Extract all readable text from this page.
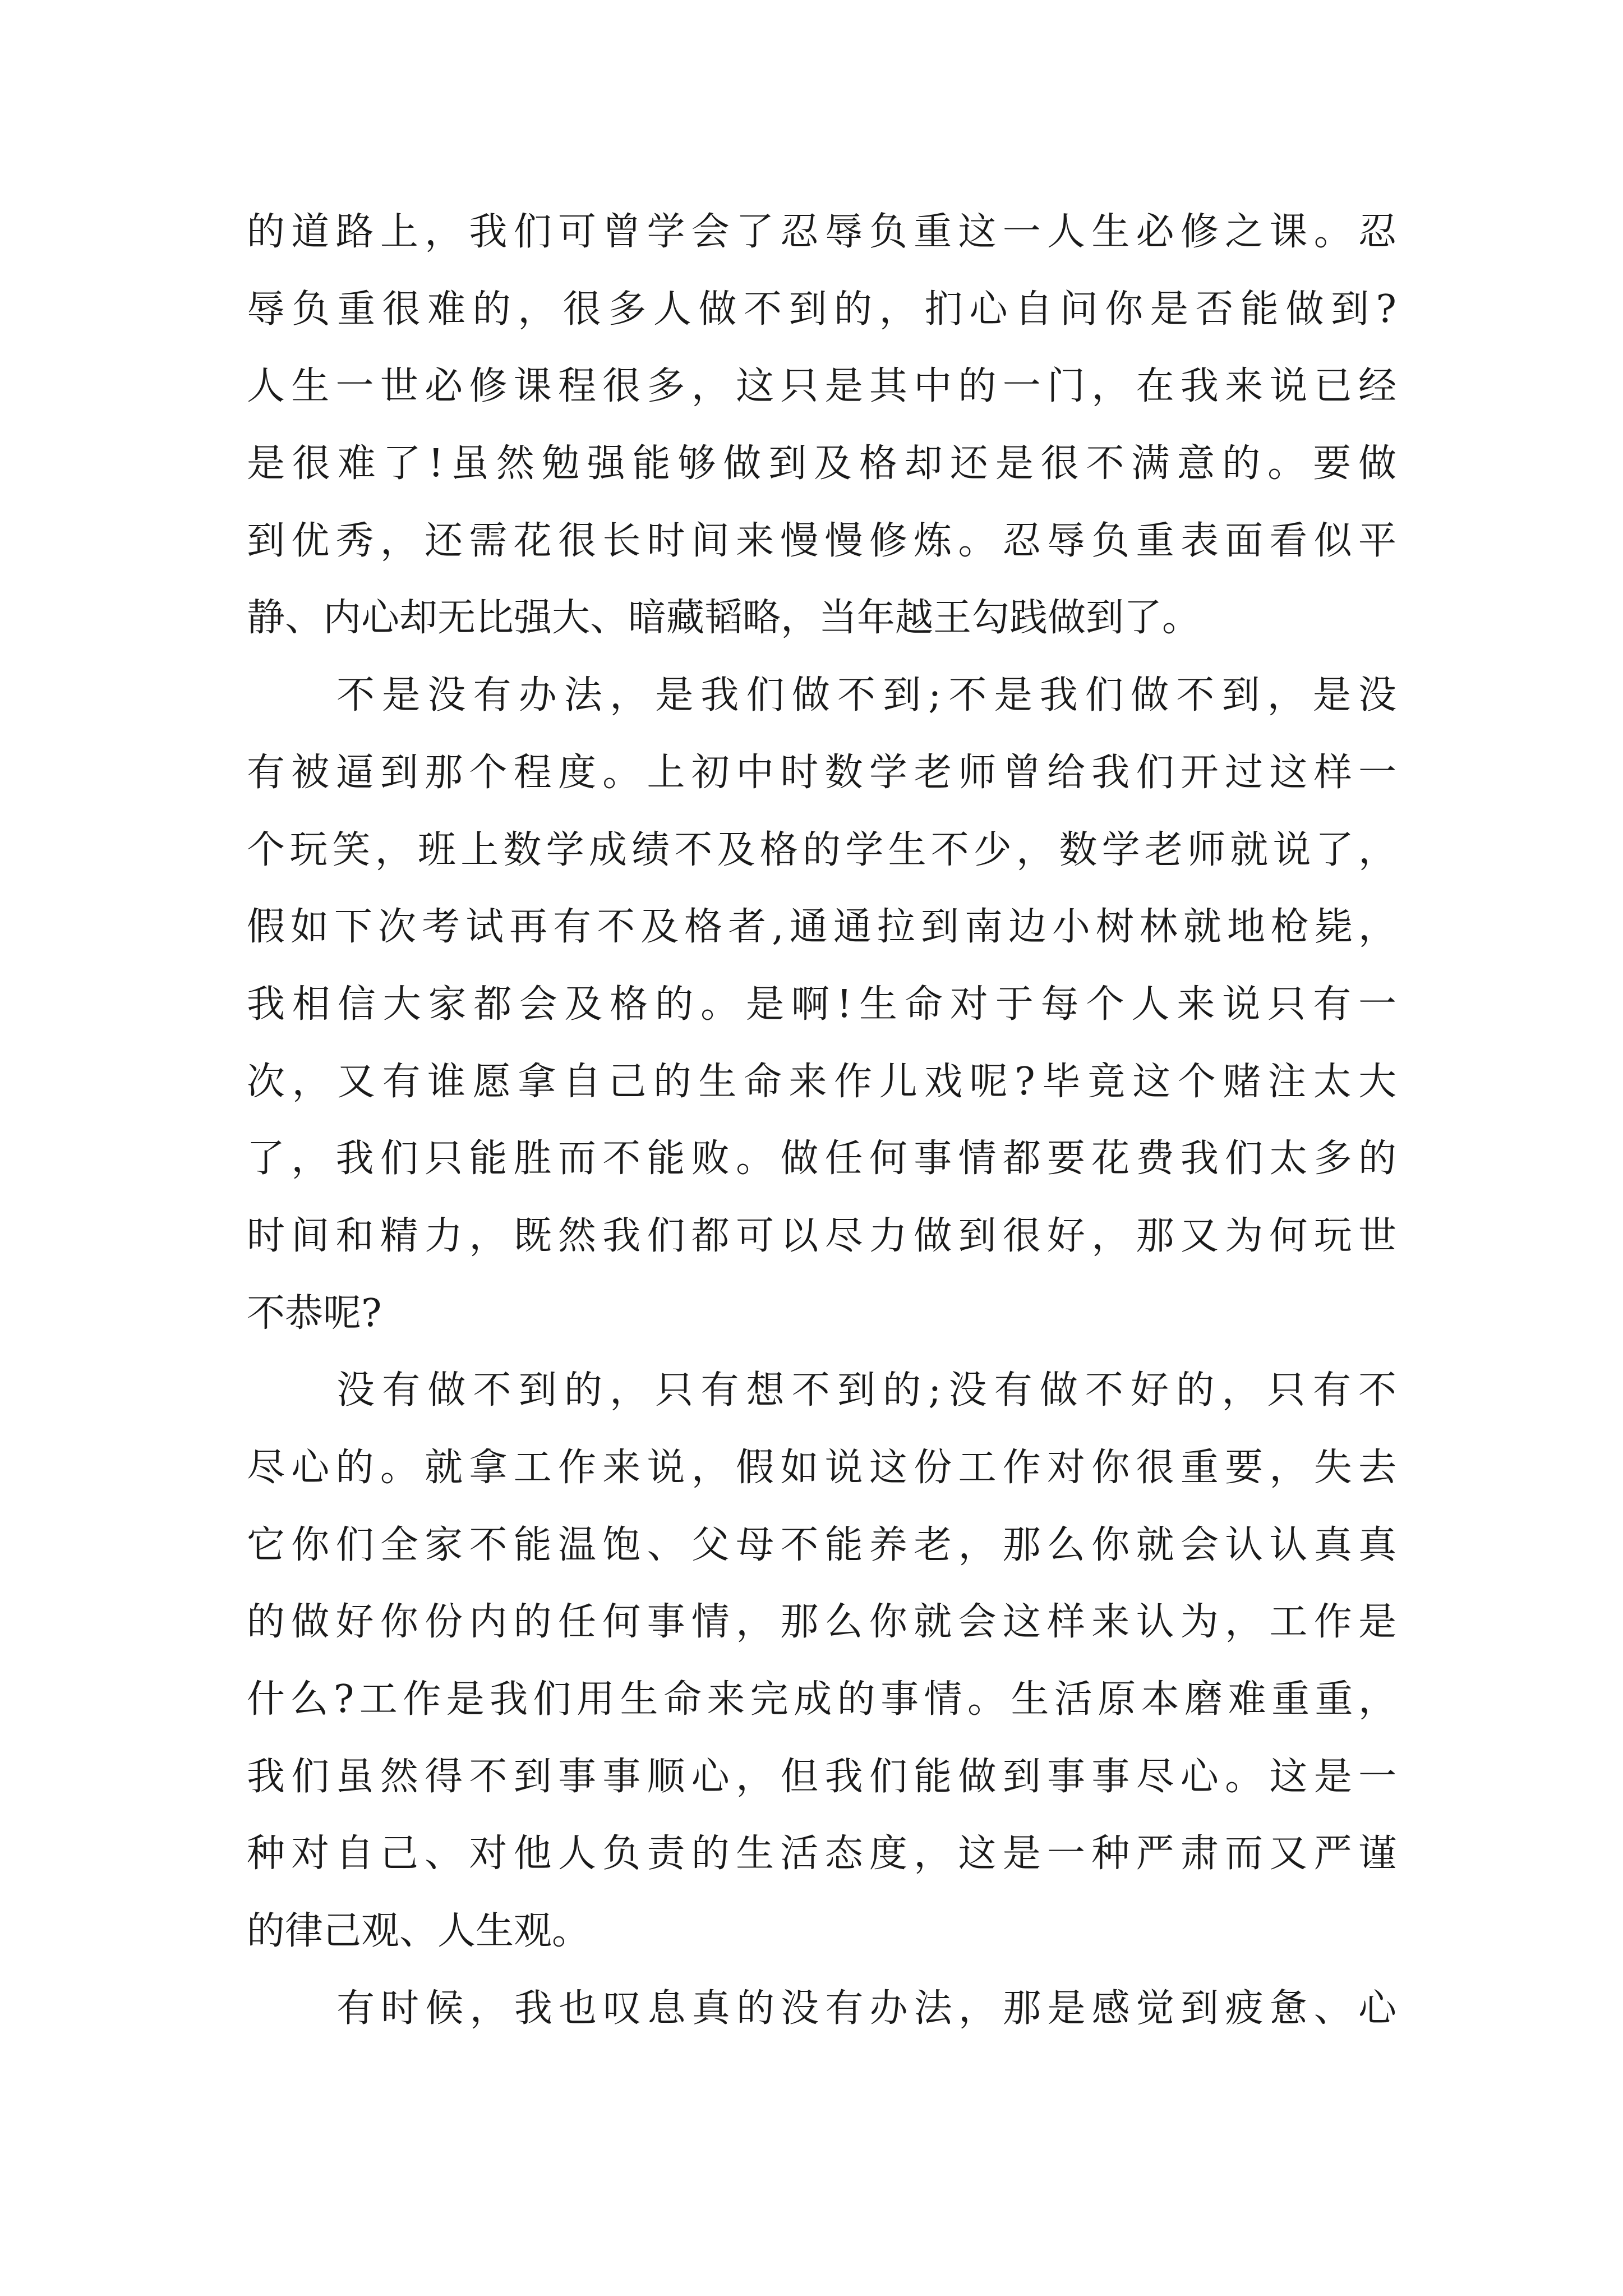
的道路上，我们可曾学会了忍辱负重这一人生必修之课。忍
辱负重很难的，很多人做不到的，扪心自问你是否能做到?
人生一世必修课程很多，这只是其中的一门，在我来说已经
是很难了!虽然勉强能够做到及格却还是很不满意的。要做
到优秀，还需花很长时间来慢慢修炼。忍辱负重表面看似平
静、内心却无比强大、暗藏韬略，当年越王勾践做到了。
不是没有办法，是我们做不到;不是我们做不到，是没
有被逼到那个程度。上初中时数学老师曾给我们开过这样一
个玩笑，班上数学成绩不及格的学生不少，数学老师就说了，
假如下次考试再有不及格者,通通拉到南边小树林就地枪毙，
我相信大家都会及格的。是啊!生命对于每个人来说只有一
次，又有谁愿拿自己的生命来作儿戏呢?毕竟这个赌注太大
了，我们只能胜而不能败。做任何事情都要花费我们太多的
时间和精力，既然我们都可以尽力做到很好，那又为何玩世
不恭呢?
没有做不到的，只有想不到的;没有做不好的，只有不
尽心的。就拿工作来说，假如说这份工作对你很重要，失去
它你们全家不能温饱、父母不能养老，那么你就会认认真真
的做好你份内的任何事情，那么你就会这样来认为，工作是
什么?工作是我们用生命来完成的事情。生活原本磨难重重，
我们虽然得不到事事顺心，但我们能做到事事尽心。这是一
种对自己、对他人负责的生活态度，这是一种严肃而又严谨
的律己观、人生观。
有时候，我也叹息真的没有办法，那是感觉到疲惫、心
